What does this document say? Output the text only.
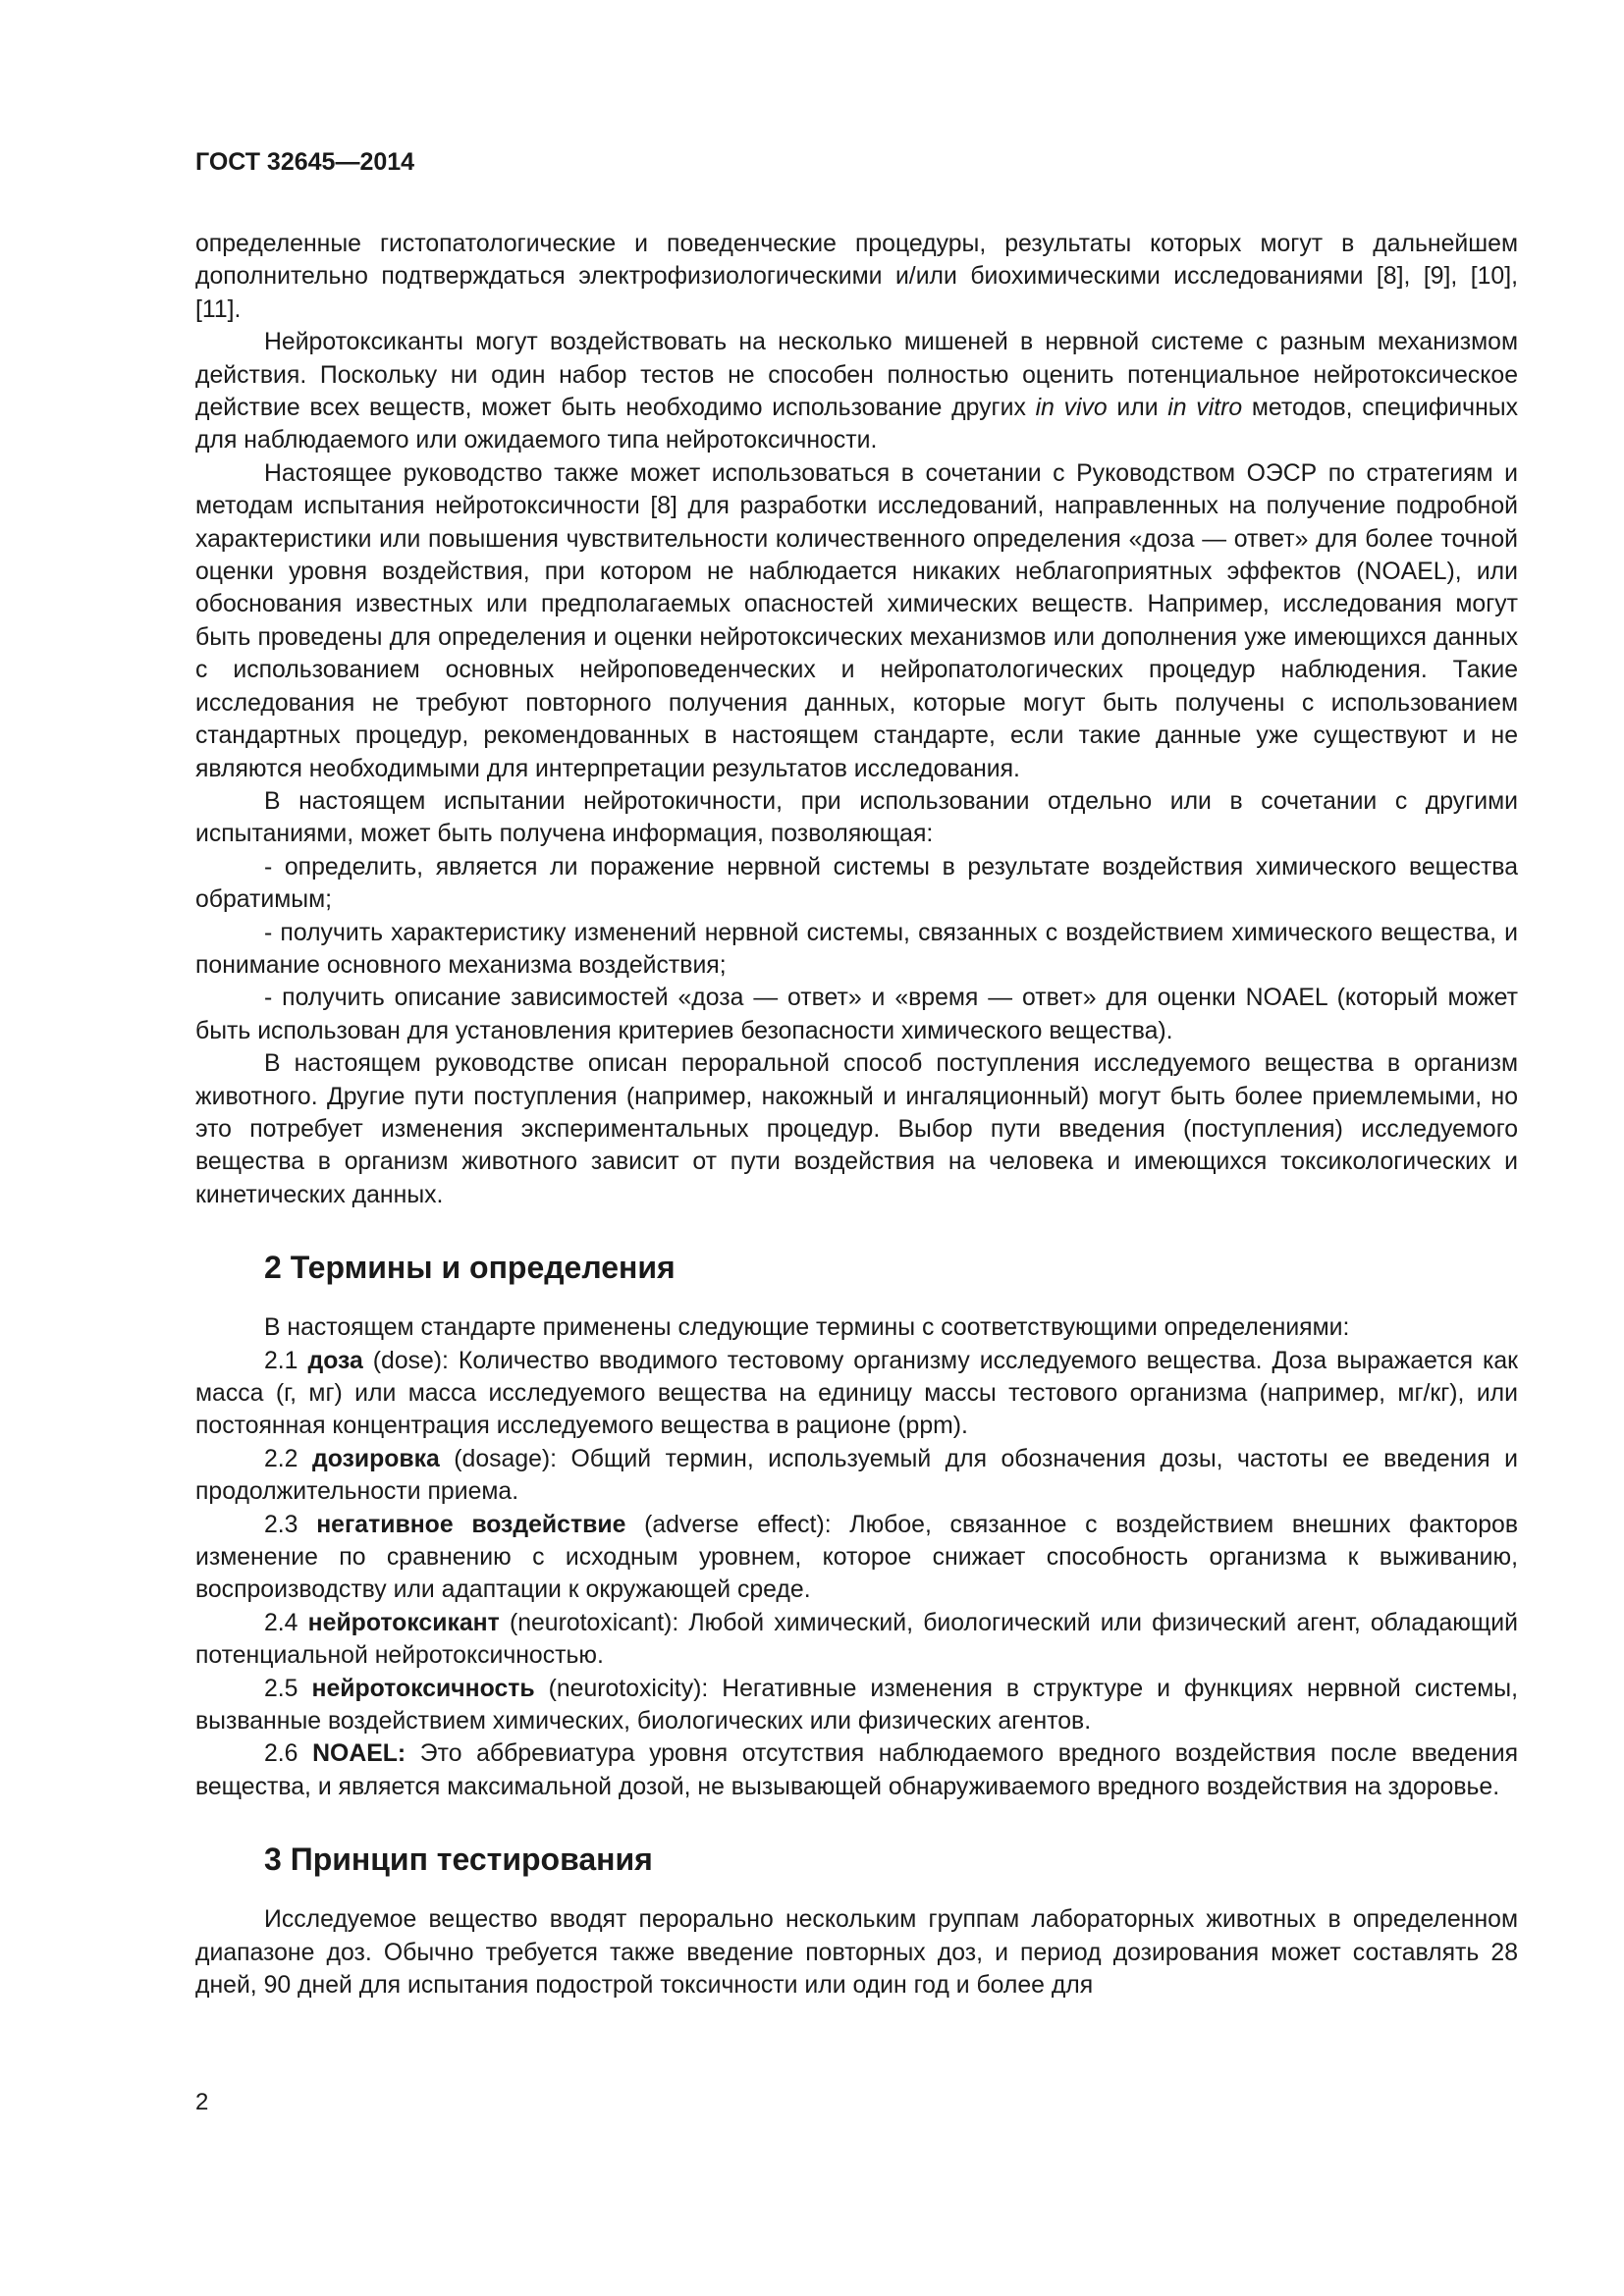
ГОСТ 32645—2014

определенные гистопатологические и поведенческие процедуры, результаты которых могут в дальнейшем дополнительно подтверждаться электрофизиологическими и/или биохимическими исследованиями [8], [9], [10], [11].

Нейротоксиканты могут воздействовать на несколько мишеней в нервной системе с разным механизмом действия. Поскольку ни один набор тестов не способен полностью оценить потенциальное нейротоксическое действие всех веществ, может быть необходимо использование других in vivo или in vitro методов, специфичных для наблюдаемого или ожидаемого типа нейротоксичности.

Настоящее руководство также может использоваться в сочетании с Руководством ОЭСР по стратегиям и методам испытания нейротоксичности [8] для разработки исследований, направленных на получение подробной характеристики или повышения чувствительности количественного определения «доза — ответ» для более точной оценки уровня воздействия, при котором не наблюдается никаких неблагоприятных эффектов (NOAEL), или обоснования известных или предполагаемых опасностей химических веществ. Например, исследования могут быть проведены для определения и оценки нейротоксических механизмов или дополнения уже имеющихся данных с использованием основных нейроповеденческих и нейропатологических процедур наблюдения. Такие исследования не требуют повторного получения данных, которые могут быть получены с использованием стандартных процедур, рекомендованных в настоящем стандарте, если такие данные уже существуют и не являются необходимыми для интерпретации результатов исследования.

В настоящем испытании нейротокичности, при использовании отдельно или в сочетании с другими испытаниями, может быть получена информация, позволяющая:

- определить, является ли поражение нервной системы в результате воздействия химического вещества обратимым;

- получить характеристику изменений нервной системы, связанных с воздействием химического вещества, и понимание основного механизма воздействия;

- получить описание зависимостей «доза — ответ» и «время — ответ» для оценки NOAEL (который может быть использован для установления критериев безопасности химического вещества).

В настоящем руководстве описан пероральной способ поступления исследуемого вещества в организм животного. Другие пути поступления (например, накожный и ингаляционный) могут быть более приемлемыми, но это потребует изменения экспериментальных процедур. Выбор пути введения (поступления) исследуемого вещества в организм животного зависит от пути воздействия на человека и имеющихся токсикологических и кинетических данных.

2 Термины и определения

В настоящем стандарте применены следующие термины с соответствующими определениями:

2.1 доза (dose): Количество вводимого тестовому организму исследуемого вещества. Доза выражается как масса (г, мг) или масса исследуемого вещества на единицу массы тестового организма (например, мг/кг), или постоянная концентрация исследуемого вещества в рационе (ppm).

2.2 дозировка (dosage): Общий термин, используемый для обозначения дозы, частоты ее введения и продолжительности приема.

2.3 негативное воздействие (adverse effect): Любое, связанное с воздействием внешних факторов изменение по сравнению с исходным уровнем, которое снижает способность организма к выживанию, воспроизводству или адаптации к окружающей среде.

2.4 нейротоксикант (neurotoxicant): Любой химический, биологический или физический агент, обладающий потенциальной нейротоксичностью.

2.5 нейротоксичность (neurotoxicity): Негативные изменения в структуре и функциях нервной системы, вызванные воздействием химических, биологических или физических агентов.

2.6 NOAEL: Это аббревиатура уровня отсутствия наблюдаемого вредного воздействия после введения вещества, и является максимальной дозой, не вызывающей обнаруживаемого вредного воздействия на здоровье.

3 Принцип тестирования

Исследуемое вещество вводят перорально нескольким группам лабораторных животных в определенном диапазоне доз. Обычно требуется также введение повторных доз, и период дозирования может составлять 28 дней, 90 дней для испытания подострой токсичности или один год и более для

2
